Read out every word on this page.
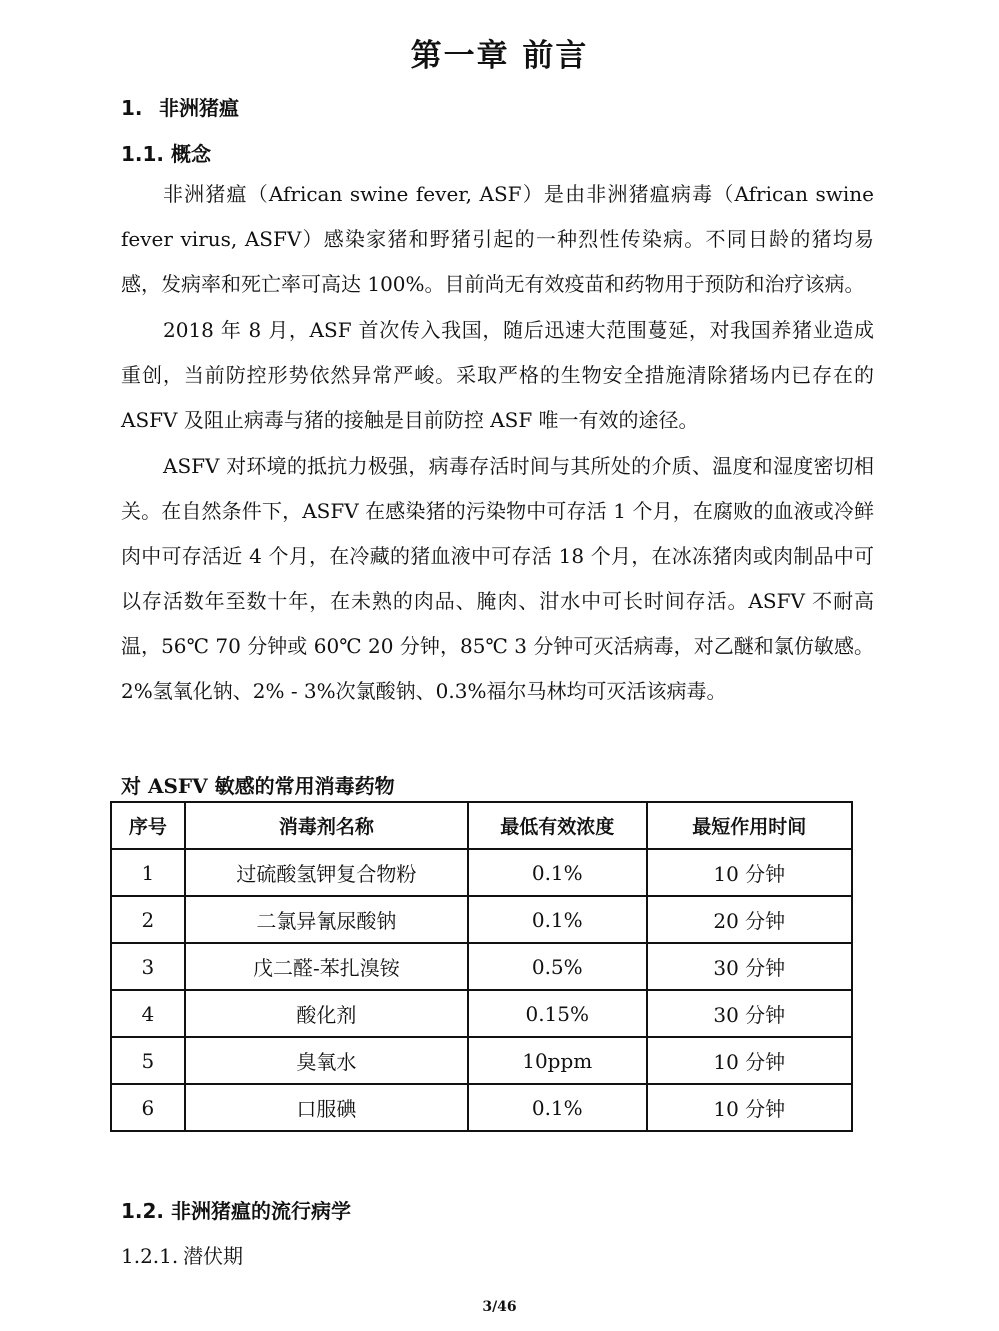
第一章 前言
1. 非洲猪瘟
1.1. 概念

非洲猪瘟（African swine fever, ASF）是由非洲猪瘟病毒（African swine fever virus, ASFV）感染家猪和野猪引起的一种烈性传染病。不同日龄的猪均易感，发病率和死亡率可高达 100%。目前尚无有效疫苗和药物用于预防和治疗该病。

2018 年 8 月，ASF 首次传入我国，随后迅速大范围蔓延，对我国养猪业造成重创，当前防控形势依然异常严峻。采取严格的生物安全措施清除猪场内已存在的 ASFV 及阻止病毒与猪的接触是目前防控 ASF 唯一有效的途径。

ASFV 对环境的抵抗力极强，病毒存活时间与其所处的介质、温度和湿度密切相关。在自然条件下，ASFV 在感染猪的污染物中可存活 1 个月，在腐败的血液或冷鲜肉中可存活近 4 个月，在冷藏的猪血液中可存活 18 个月，在冰冻猪肉或肉制品中可以存活数年至数十年，在未熟的肉品、腌肉、泔水中可长时间存活。ASFV 不耐高温，56℃ 70 分钟或 60℃ 20 分钟，85℃ 3 分钟可灭活病毒，对乙醚和氯仿敏感。2%氢氧化钠、2% - 3%次氯酸钠、0.3%福尔马林均可灭活该病毒。

对 ASFV 敏感的常用消毒药物
序号	消毒剂名称	最低有效浓度	最短作用时间
1	过硫酸氢钾复合物粉	0.1%	10 分钟
2	二氯异氰尿酸钠	0.1%	20 分钟
3	戊二醛-苯扎溴铵	0.5%	30 分钟
4	酸化剂	0.15%	30 分钟
5	臭氧水	10ppm	10 分钟
6	口服碘	0.1%	10 分钟
1.2. 非洲猪瘟的流行病学
1.2.1. 潜伏期
3/46
